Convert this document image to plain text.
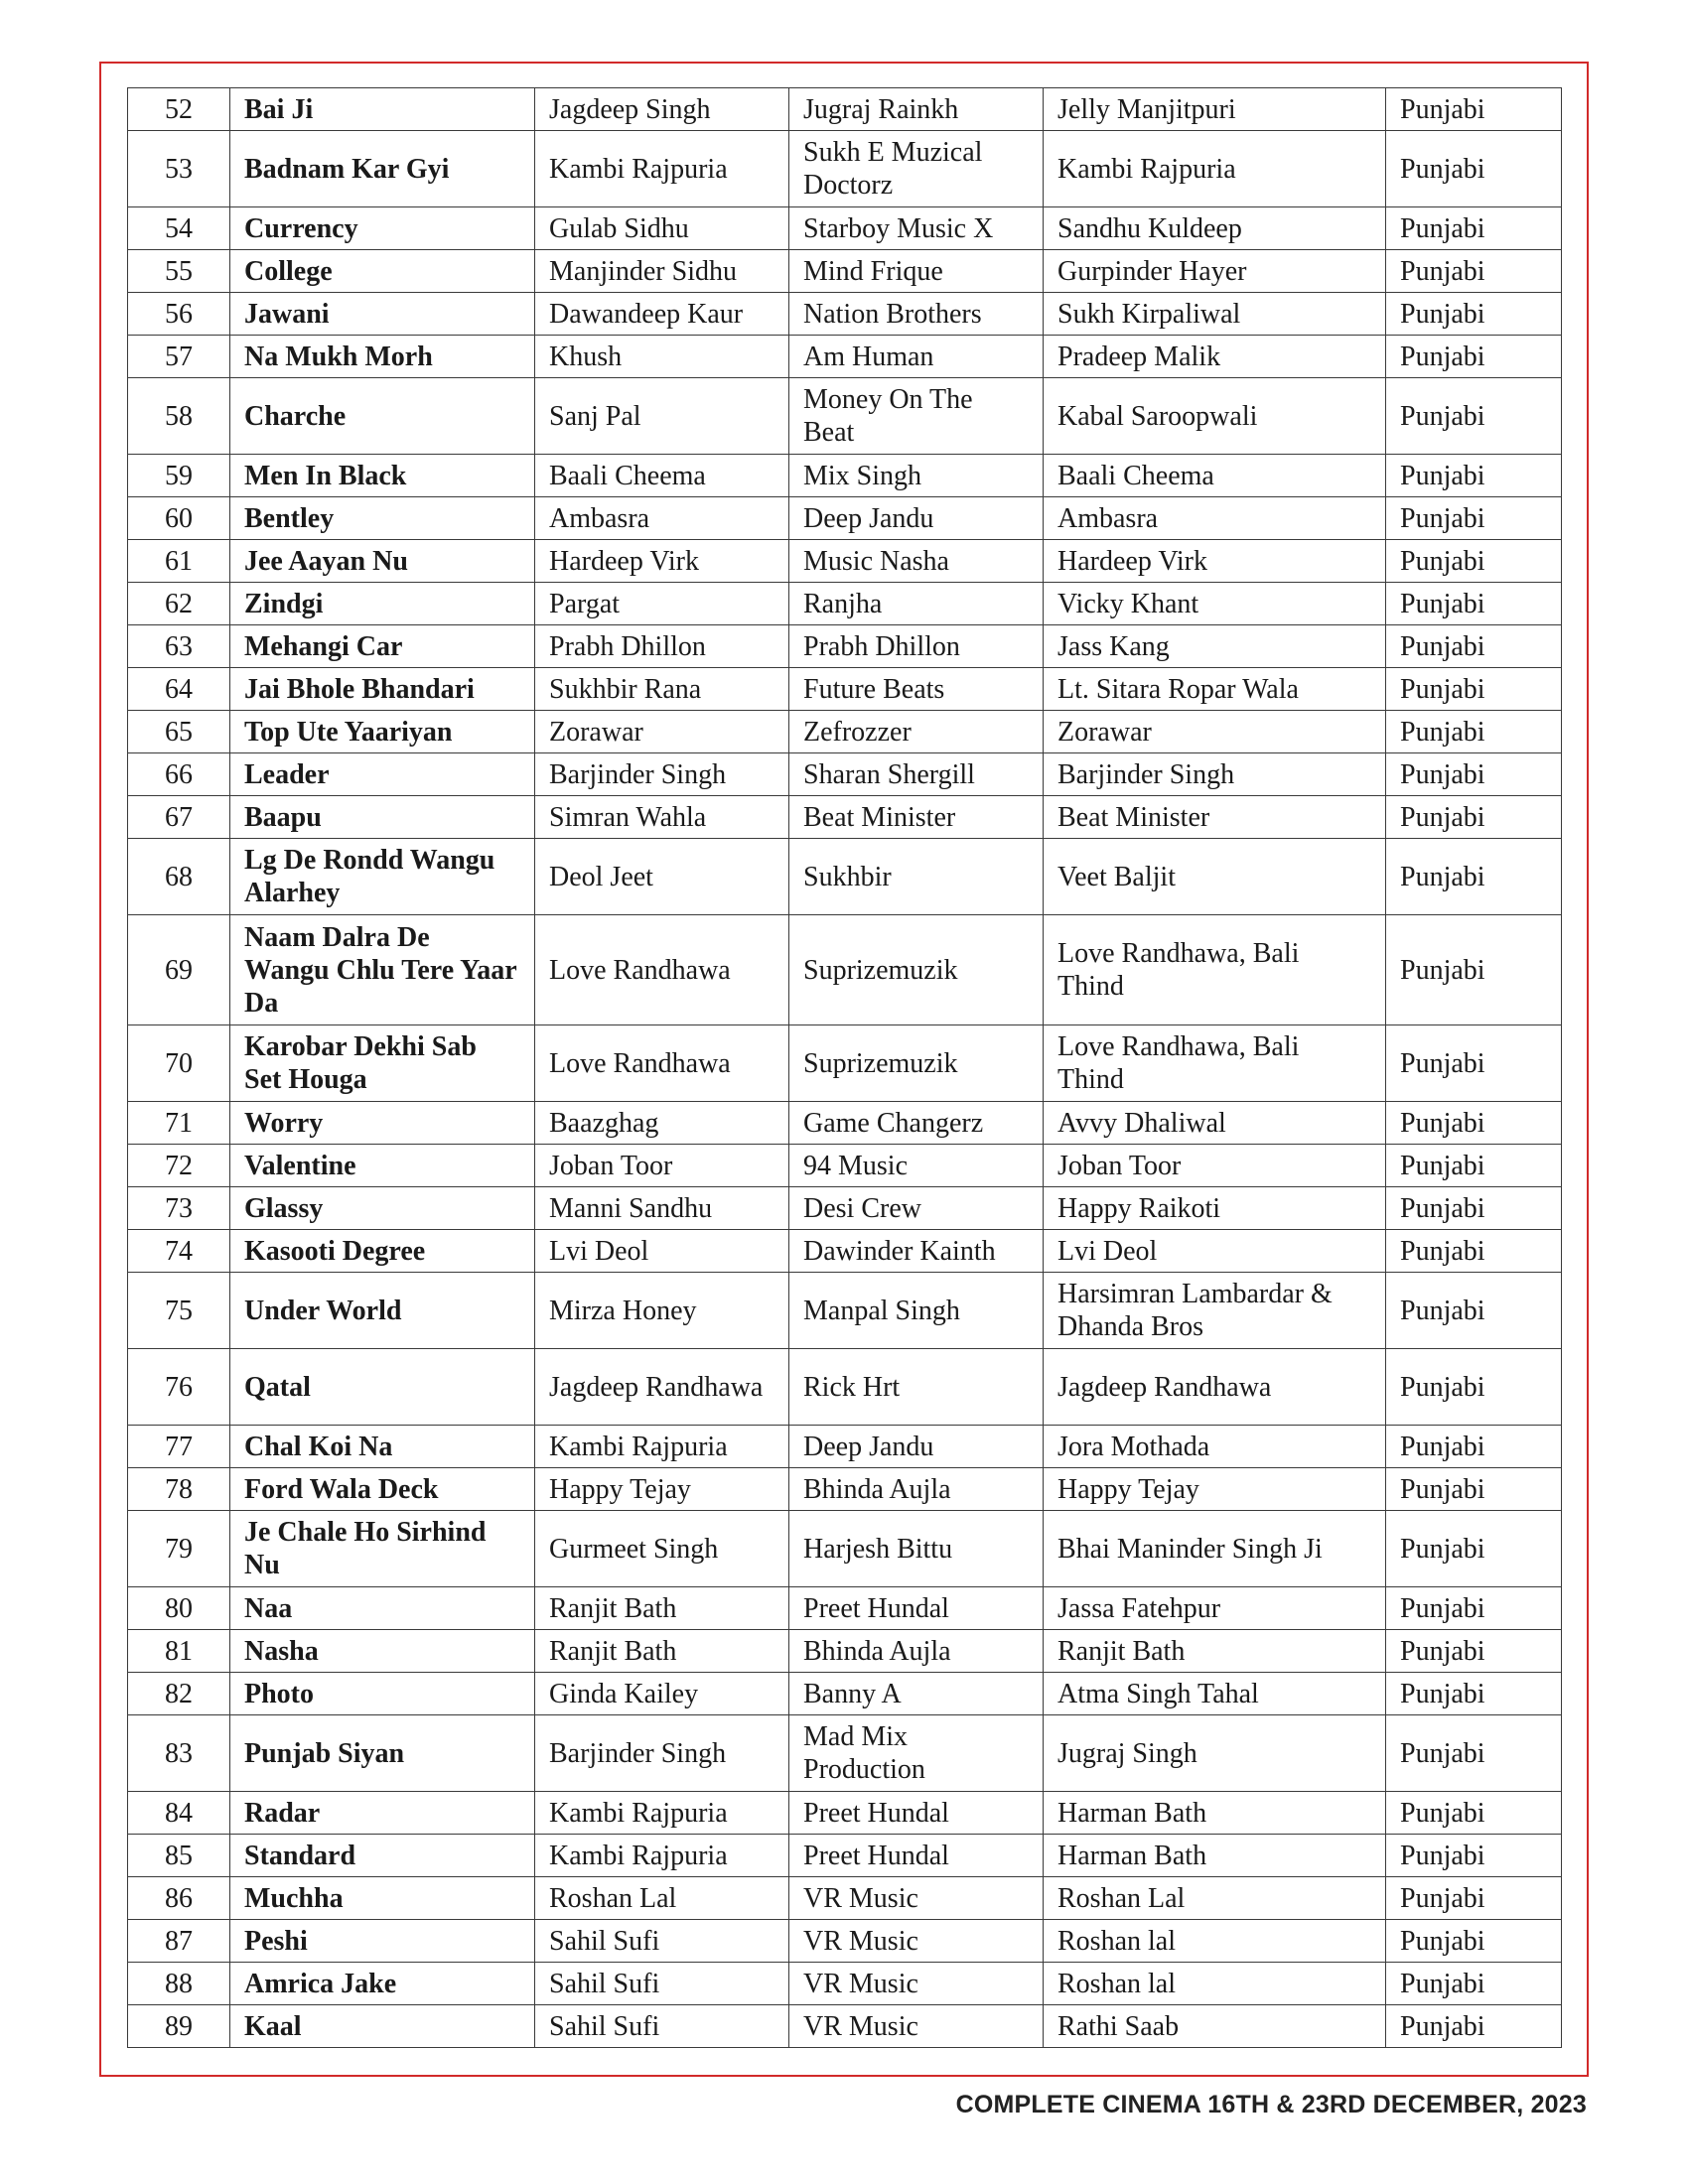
52	Bai Ji	Jagdeep Singh	Jugraj Rainkh	Jelly Manjitpuri	Punjabi
53	Badnam Kar Gyi	Kambi Rajpuria	Sukh E Muzical Doctorz	Kambi Rajpuria	Punjabi
54	Currency	Gulab Sidhu	Starboy Music X	Sandhu Kuldeep	Punjabi
55	College	Manjinder Sidhu	Mind Frique	Gurpinder Hayer	Punjabi
56	Jawani	Dawandeep Kaur	Nation Brothers	Sukh Kirpaliwal	Punjabi
57	Na Mukh Morh	Khush	Am Human	Pradeep Malik	Punjabi
58	Charche	Sanj Pal	Money On The Beat	Kabal Saroopwali	Punjabi
59	Men In Black	Baali Cheema	Mix Singh	Baali Cheema	Punjabi
60	Bentley	Ambasra	Deep Jandu	Ambasra	Punjabi
61	Jee Aayan Nu	Hardeep Virk	Music Nasha	Hardeep Virk	Punjabi
62	Zindgi	Pargat	Ranjha	Vicky Khant	Punjabi
63	Mehangi Car	Prabh Dhillon	Prabh Dhillon	Jass Kang	Punjabi
64	Jai Bhole Bhandari	Sukhbir Rana	Future Beats	Lt. Sitara Ropar Wala	Punjabi
65	Top Ute Yaariyan	Zorawar	Zefrozzer	Zorawar	Punjabi
66	Leader	Barjinder Singh	Sharan Shergill	Barjinder Singh	Punjabi
67	Baapu	Simran Wahla	Beat Minister	Beat Minister	Punjabi
68	Lg De Rondd Wangu Alarhey	Deol Jeet	Sukhbir	Veet Baljit	Punjabi
69	Naam Dalra De Wangu Chlu Tere Yaar Da	Love Randhawa	Suprizemuzik	Love Randhawa, Bali Thind	Punjabi
70	Karobar Dekhi Sab Set Houga	Love Randhawa	Suprizemuzik	Love Randhawa, Bali Thind	Punjabi
71	Worry	Baazghag	Game Changerz	Avvy Dhaliwal	Punjabi
72	Valentine	Joban Toor	94 Music	Joban Toor	Punjabi
73	Glassy	Manni Sandhu	Desi Crew	Happy Raikoti	Punjabi
74	Kasooti Degree	Lvi Deol	Dawinder Kainth	Lvi Deol	Punjabi
75	Under World	Mirza Honey	Manpal Singh	Harsimran Lambardar & Dhanda Bros	Punjabi
76	Qatal	Jagdeep Randhawa	Rick Hrt	Jagdeep Randhawa	Punjabi
77	Chal Koi Na	Kambi Rajpuria	Deep Jandu	Jora Mothada	Punjabi
78	Ford Wala Deck	Happy Tejay	Bhinda Aujla	Happy Tejay	Punjabi
79	Je Chale Ho Sirhind Nu	Gurmeet Singh	Harjesh Bittu	Bhai Maninder Singh Ji	Punjabi
80	Naa	Ranjit Bath	Preet Hundal	Jassa Fatehpur	Punjabi
81	Nasha	Ranjit Bath	Bhinda Aujla	Ranjit Bath	Punjabi
82	Photo	Ginda Kailey	Banny A	Atma Singh Tahal	Punjabi
83	Punjab Siyan	Barjinder Singh	Mad Mix Production	Jugraj Singh	Punjabi
84	Radar	Kambi Rajpuria	Preet Hundal	Harman Bath	Punjabi
85	Standard	Kambi Rajpuria	Preet Hundal	Harman Bath	Punjabi
86	Muchha	Roshan Lal	VR Music	Roshan Lal	Punjabi
87	Peshi	Sahil Sufi	VR Music	Roshan lal	Punjabi
88	Amrica Jake	Sahil Sufi	VR Music	Roshan lal	Punjabi
89	Kaal	Sahil Sufi	VR Music	Rathi Saab	Punjabi
COMPLETE CINEMA 16TH & 23RD DECEMBER, 2023
